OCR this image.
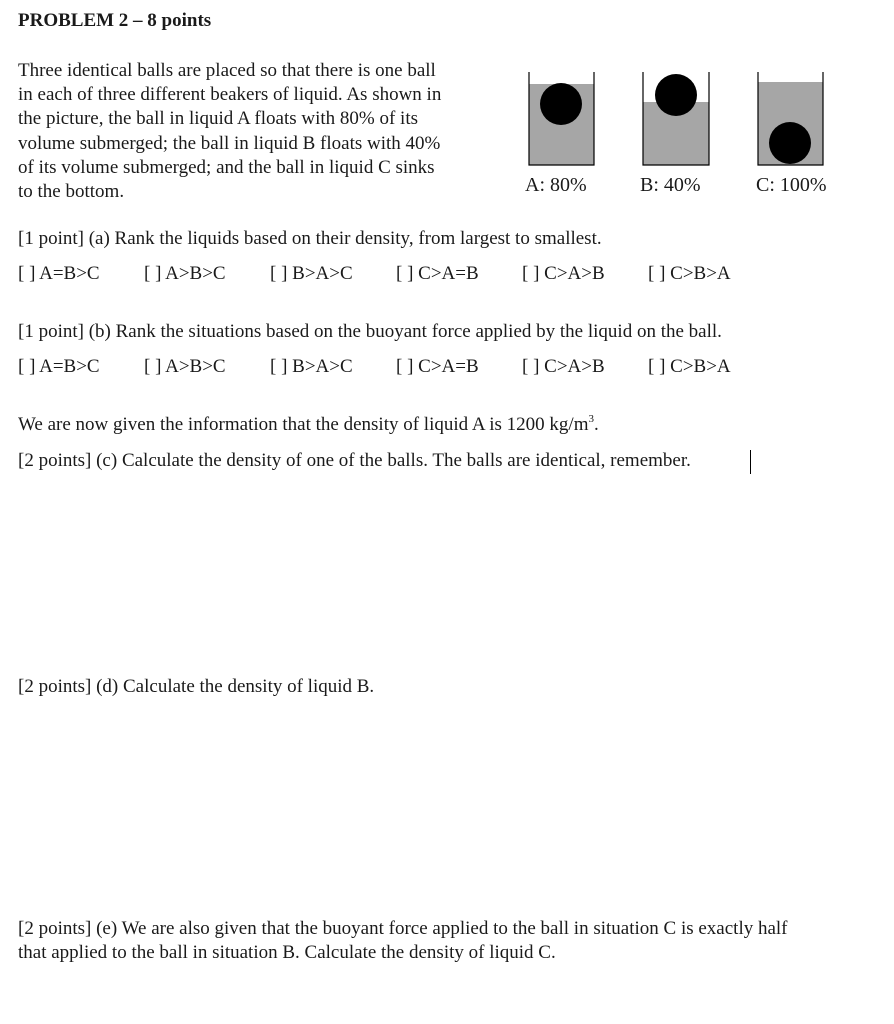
PROBLEM 2 – 8 points
Three identical balls are placed so that there is one ball
in each of three different beakers of liquid. As shown in
the picture, the ball in liquid A floats with 80% of its
volume submerged; the ball in liquid B floats with 40%
of its volume submerged; and the ball in liquid C sinks
to the bottom.	A: 80%	B: 40%	C: 100%
[1 point] (a) Rank the liquids based on their density, from largest to smallest.
[ ] A=B>C [ ] A>B>C [ ] B>A>C [ ] C>A=B [ ] C>A>B [ ] C>B>A
[1 point] (b) Rank the situations based on the buoyant force applied by the liquid on the ball.
[ ] A=B>C [ ] A>B>C [ ] B>A>C [ ] C>A=B [ ] C>A>B [ ] C>B>A
We are now given the information that the density of liquid A is 1200 $kg/m^3$.
[2 points] (c) Calculate the density of one of the balls. The balls are identical, remember.
[2 points] (d) Calculate the density of liquid B.
[2 points] (e) We are also given that the buoyant force applied to the ball in situation C is exactly half
that applied to the ball in situation B. Calculate the density of liquid C.
